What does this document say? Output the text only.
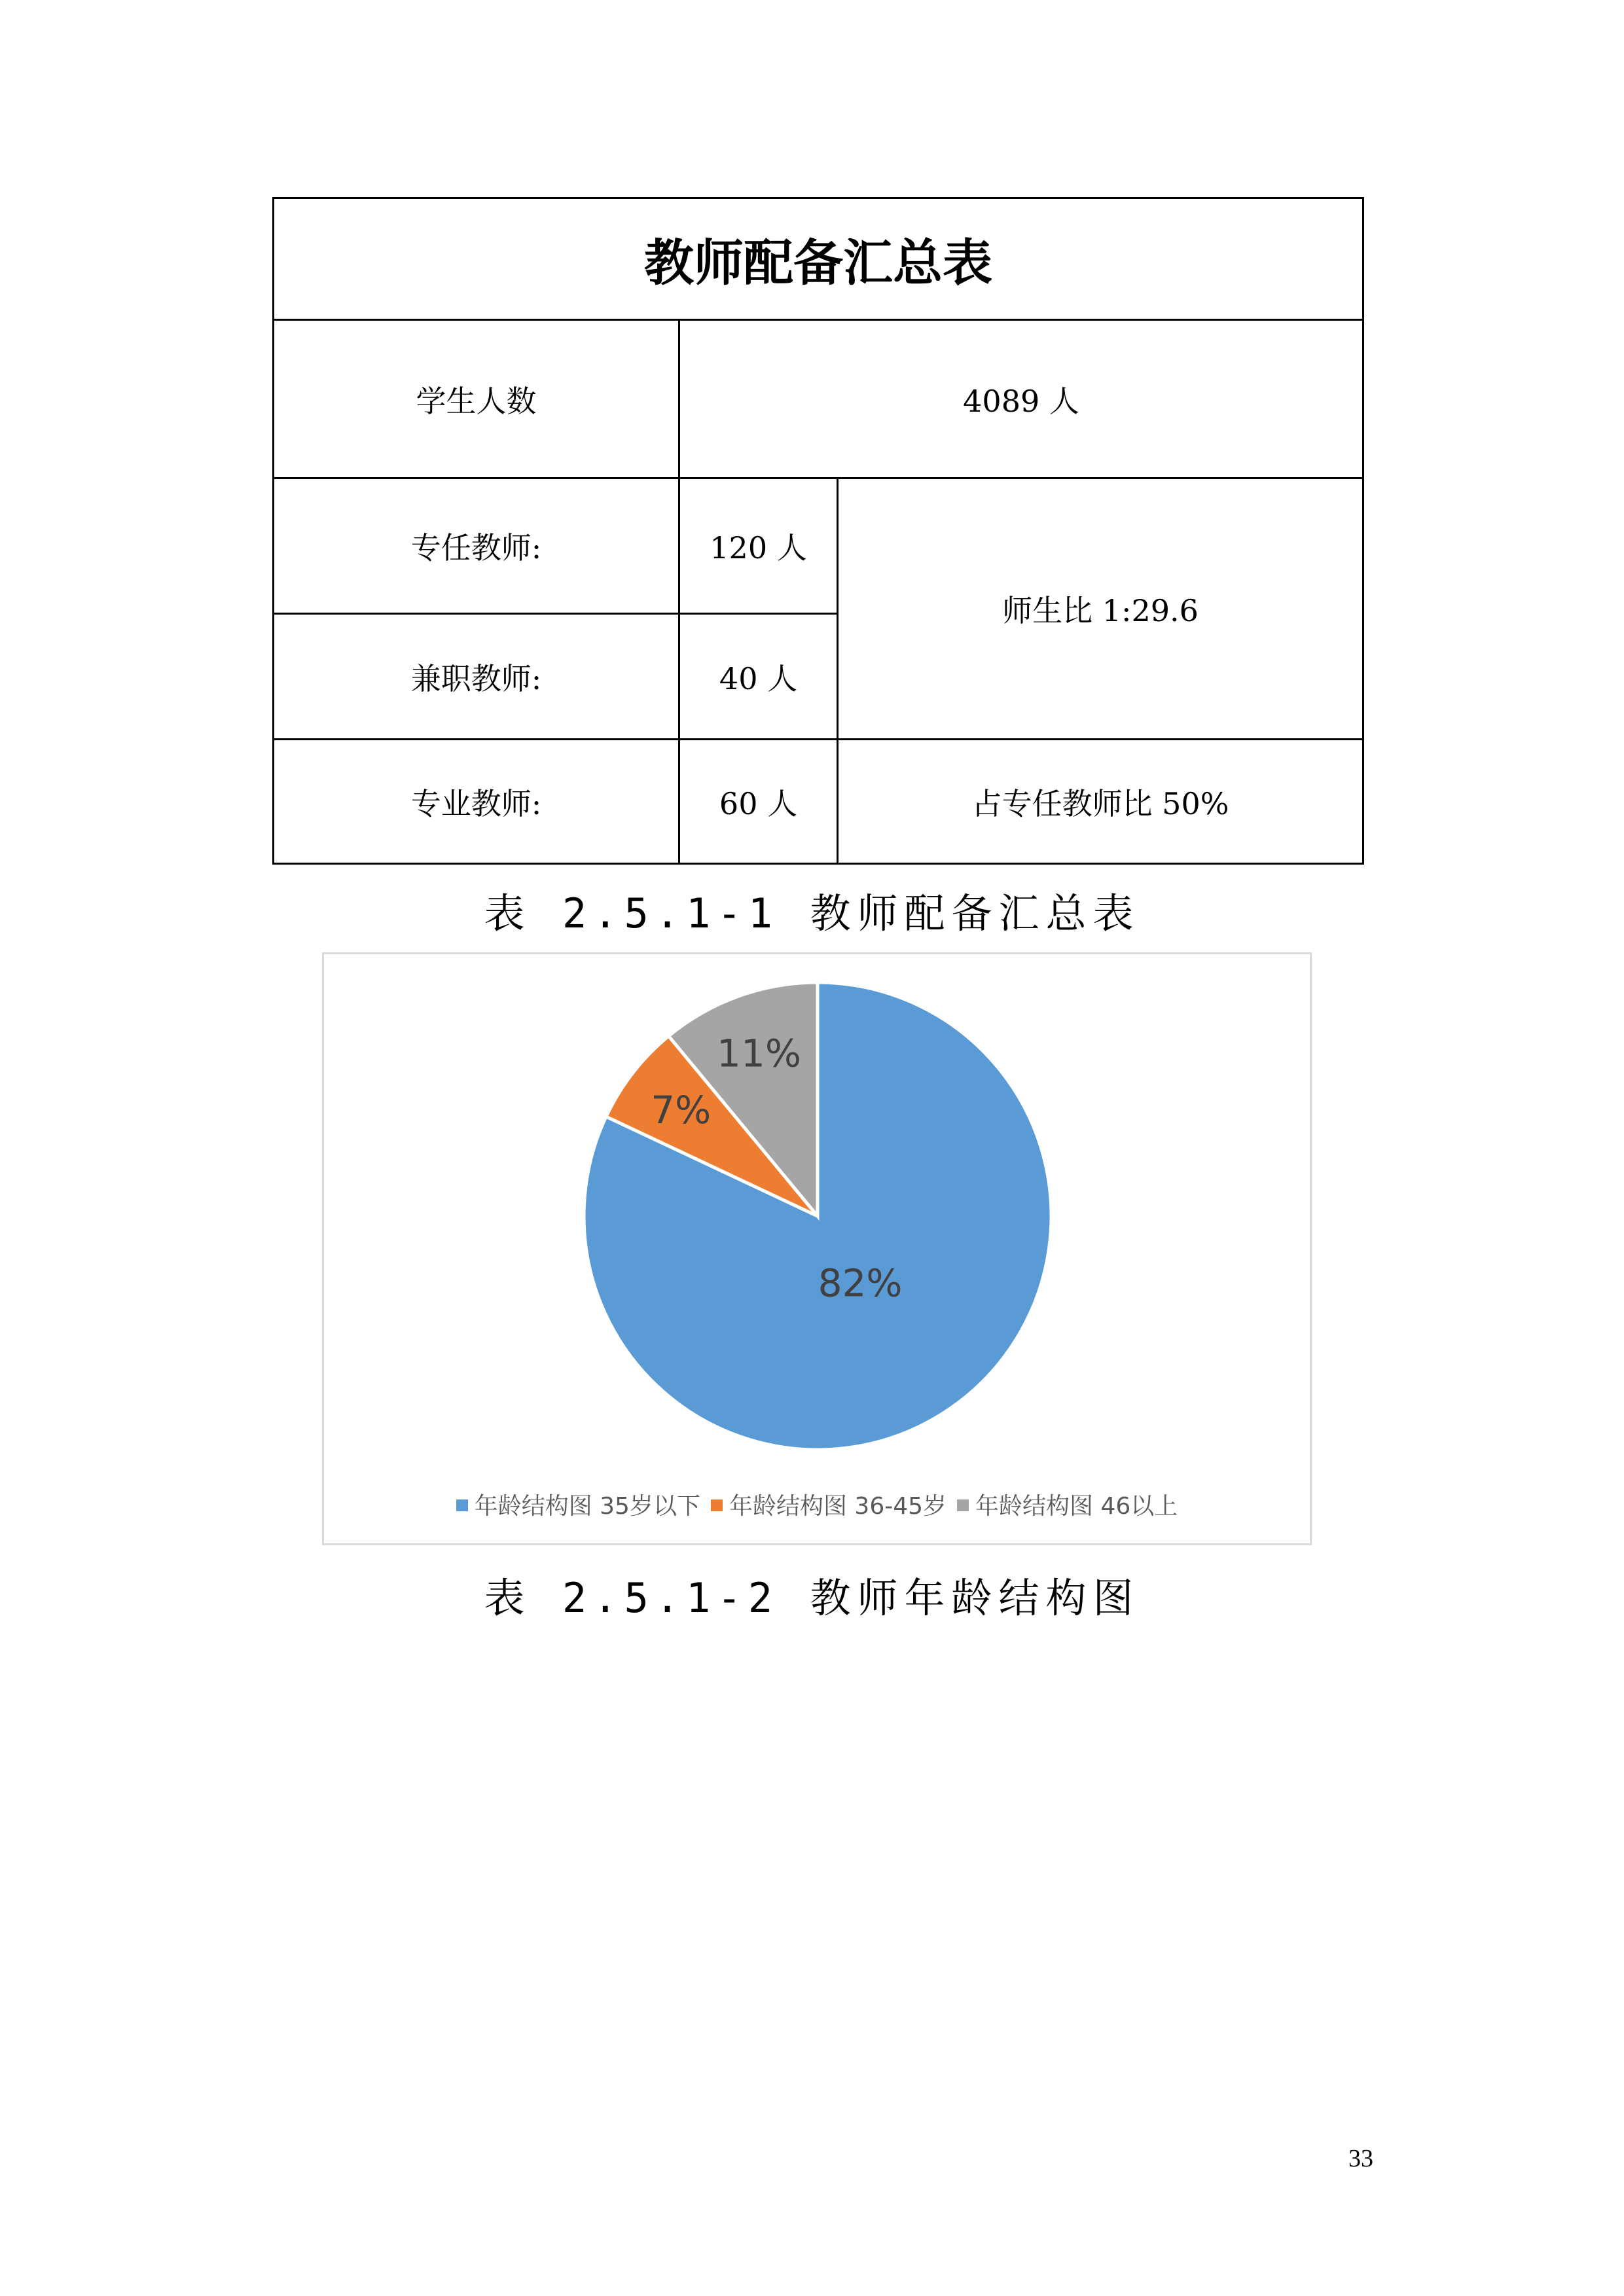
教师配备汇总表		
学生人数	4089 人	
专任教师:	120 人	师生比 1:29.6
兼职教师:	40 人	
专业教师:	60 人	占专任教师比 50%
表 2.5.1-1 教师配备汇总表
82%
7%
11%
年龄结构图 35岁以下 年龄结构图 36-45岁 年龄结构图 46以上
表 2.5.1-2 教师年龄结构图
33
